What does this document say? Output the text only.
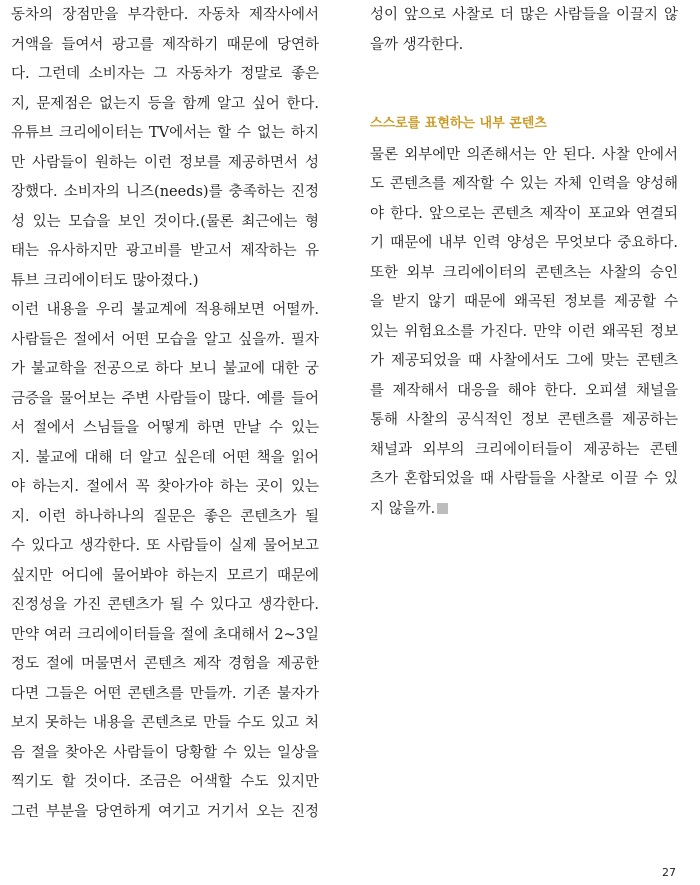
동차의 장점만을 부각한다. 자동차 제작사에서
거액을 들여서 광고를 제작하기 때문에 당연하
다. 그런데 소비자는 그 자동차가 정말로 좋은
지, 문제점은 없는지 등을 함께 알고 싶어 한다.
유튜브 크리에이터는 TV에서는 할 수 없는 하지
만 사람들이 원하는 이런 정보를 제공하면서 성
장했다. 소비자의 니즈(needs)를 충족하는 진정
성 있는 모습을 보인 것이다.(물론 최근에는 형
태는 유사하지만 광고비를 받고서 제작하는 유
튜브 크리에이터도 많아졌다.)
이런 내용을 우리 불교계에 적용해보면 어떨까.
사람들은 절에서 어떤 모습을 알고 싶을까. 필자
가 불교학을 전공으로 하다 보니 불교에 대한 궁
금증을 물어보는 주변 사람들이 많다. 예를 들어
서 절에서 스님들을 어떻게 하면 만날 수 있는
지. 불교에 대해 더 알고 싶은데 어떤 책을 읽어
야 하는지. 절에서 꼭 찾아가야 하는 곳이 있는
지. 이런 하나하나의 질문은 좋은 콘텐츠가 될
수 있다고 생각한다. 또 사람들이 실제 물어보고
싶지만 어디에 물어봐야 하는지 모르기 때문에
진정성을 가진 콘텐츠가 될 수 있다고 생각한다.
만약 여러 크리에이터들을 절에 초대해서 2~3일
정도 절에 머물면서 콘텐츠 제작 경험을 제공한
다면 그들은 어떤 콘텐츠를 만들까. 기존 불자가
보지 못하는 내용을 콘텐츠로 만들 수도 있고 처
음 절을 찾아온 사람들이 당황할 수 있는 일상을
찍기도 할 것이다. 조금은 어색할 수도 있지만
그런 부분을 당연하게 여기고 거기서 오는 진정
성이 앞으로 사찰로 더 많은 사람들을 이끌지 않
을까 생각한다.
스스로를 표현하는 내부 콘텐츠
물론 외부에만 의존해서는 안 된다. 사찰 안에서
도 콘텐츠를 제작할 수 있는 자체 인력을 양성해
야 한다. 앞으로는 콘텐츠 제작이 포교와 연결되
기 때문에 내부 인력 양성은 무엇보다 중요하다.
또한 외부 크리에이터의 콘텐츠는 사찰의 승인
을 받지 않기 때문에 왜곡된 정보를 제공할 수
있는 위험요소를 가진다. 만약 이런 왜곡된 정보
가 제공되었을 때 사찰에서도 그에 맞는 콘텐츠
를 제작해서 대응을 해야 한다. 오피셜 채널을
통해 사찰의 공식적인 정보 콘텐츠를 제공하는
채널과 외부의 크리에이터들이 제공하는 콘텐
츠가 혼합되었을 때 사람들을 사찰로 이끌 수 있
지 않을까.
27
